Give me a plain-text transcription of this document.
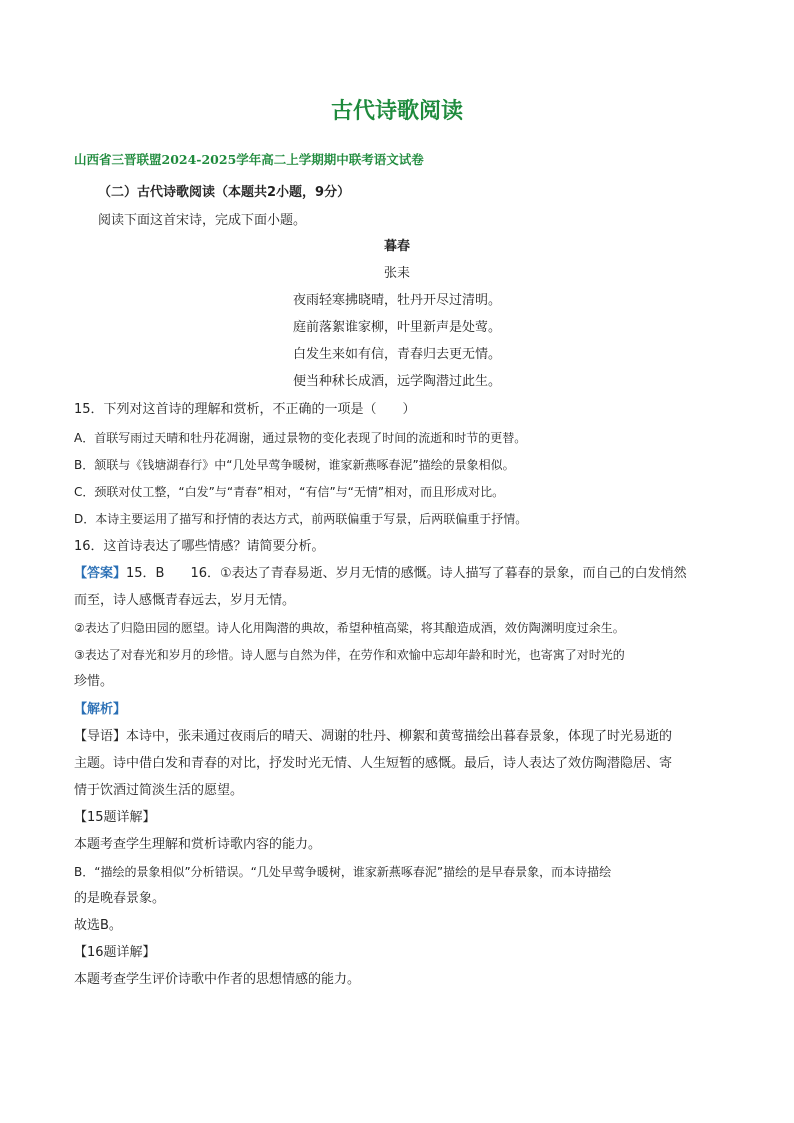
古代诗歌阅读
山西省三晋联盟2024-2025学年高二上学期期中联考语文试卷
（二）古代诗歌阅读（本题共2小题，9分）
阅读下面这首宋诗，完成下面小题。
暮春
张耒
夜雨轻寒拂晓晴，牡丹开尽过清明。
庭前落絮谁家柳，叶里新声是处莺。
白发生来如有信，青春归去更无情。
便当种秫长成酒，远学陶潜过此生。
15．下列对这首诗的理解和赏析，不正确的一项是（　　）
A．首联写雨过天晴和牡丹花凋谢，通过景物的变化表现了时间的流逝和时节的更替。
B．颔联与《钱塘湖春行》中“几处早莺争暖树，谁家新燕啄春泥”描绘的景象相似。
C．颈联对仗工整，“白发”与“青春”相对，“有信”与“无情”相对，而且形成对比。
D．本诗主要运用了描写和抒情的表达方式，前两联偏重于写景，后两联偏重于抒情。
16．这首诗表达了哪些情感？请简要分析。
【答案】15．B　　16．①表达了青春易逝、岁月无情的感慨。诗人描写了暮春的景象，而自己的白发悄然
而至，诗人感慨青春远去，岁月无情。
②表达了归隐田园的愿望。诗人化用陶潜的典故，希望种植高粱，将其酿造成酒，效仿陶渊明度过余生。
③表达了对春光和岁月的珍惜。诗人愿与自然为伴，在劳作和欢愉中忘却年龄和时光，也寄寓了对时光的
珍惜。
【解析】
【导语】本诗中，张耒通过夜雨后的晴天、凋谢的牡丹、柳絮和黄莺描绘出暮春景象，体现了时光易逝的
主题。诗中借白发和青春的对比，抒发时光无情、人生短暂的感慨。最后，诗人表达了效仿陶潜隐居、寄
情于饮酒过简淡生活的愿望。
【15题详解】
本题考查学生理解和赏析诗歌内容的能力。
B．“描绘的景象相似”分析错误。“几处早莺争暖树，谁家新燕啄春泥”描绘的是早春景象，而本诗描绘
的是晚春景象。
故选B。
【16题详解】
本题考查学生评价诗歌中作者的思想情感的能力。
